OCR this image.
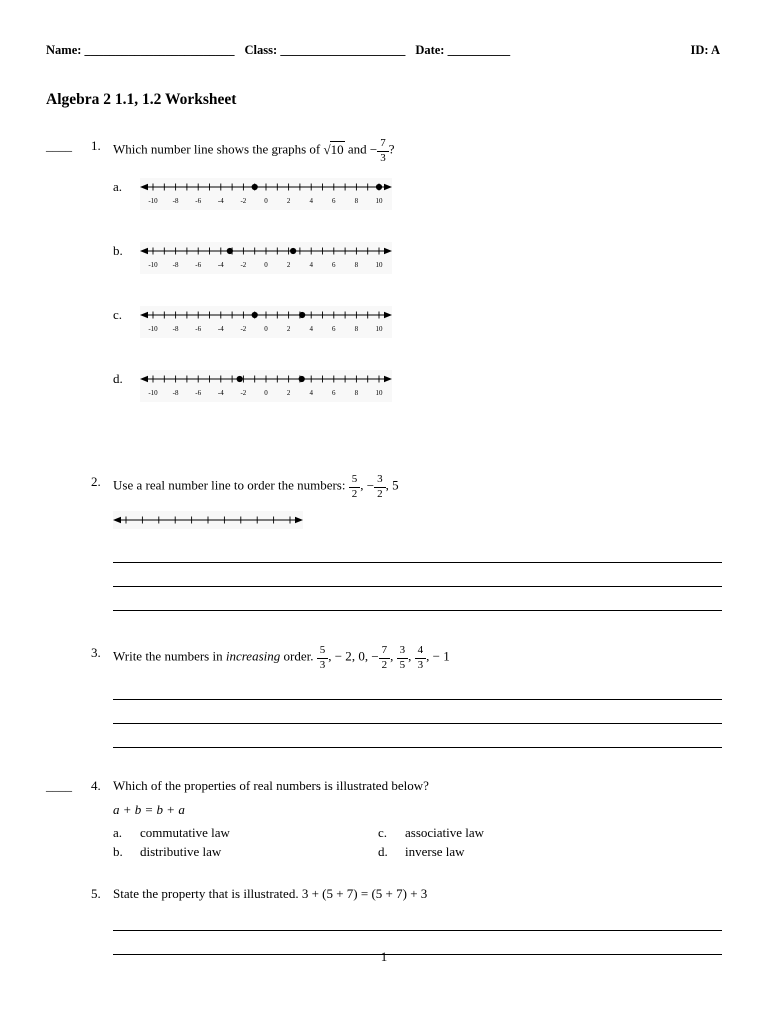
Name: ________________________ Class: ____________________ Date: __________	ID: A
Algebra 2 1.1, 1.2 Worksheet
____	1. Which number line shows the graphs of √10 and − $\frac{7}{3}$ ?
a.
-10 -8 -6 -4 -2	0	2	4	6	8 10
b.
-10 -8 -6 -4 -2	0	2	4	6	8 10
c.
-10 -8 -6 -4 -2	0	2	4	6	8 10
d.
-10 -8 -6 -4 -2	0	2	4	6	8 10
2. Use a real number line to order the numbers: $\frac{5}{2}$ , − $\frac{3}{2}$ , 5
3. Write the numbers in increasing order. $\frac{5}{3}$ , − 2, 0, − $\frac{7}{2}$ , $\frac{3}{5}$ , $\frac{4}{3}$ , − 1
____	4. Which of the properties of real numbers is illustrated below?
a + b = b + a
a.	commutative law	c.	associative law
b.	distributive law	d.	inverse law
5. State the property that is illustrated. 3 + (5 + 7) = (5 + 7) + 3
1
